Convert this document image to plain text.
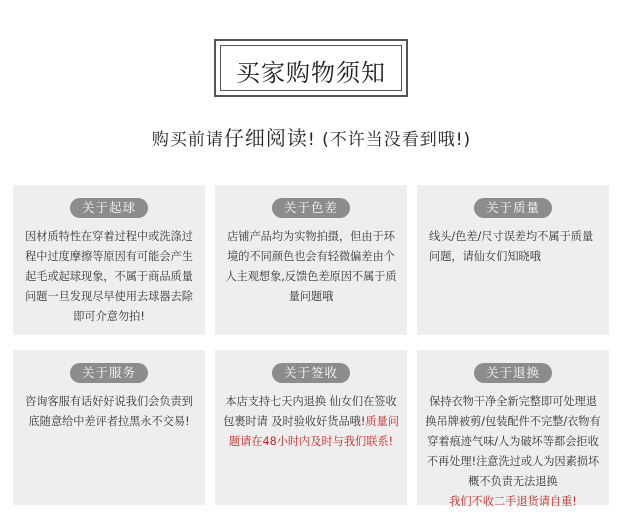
买家购物须知
购买前请仔细阅读! (不许当没看到哦!)
关于起球
因材质特性在穿着过程中或洗涤过程中过度摩擦等原因有可能会产生起毛或起球现象，不属于商品质量问题一旦发现尽早使用去球器去除即可介意勿拍!
关于色差
店铺产品均为实物拍摄，但由于环境的不同颜色也会有轻微偏差由个人主观想象,反馈色差原因不属于质量问题哦
关于质量
线头/色差/尺寸误差均不属于质量问题，请仙女们知晓哦
关于服务
咨询客服有话好好说我们会负责到底随意给中差评者拉黑永不交易!
关于签收
本店支持七天内退换 仙女们在签收包裹时请 及时验收好货品哦!质量问题请在48小时内及时与我们联系!
关于退换
保持衣物干净全新完整即可处理退换吊牌被剪/包装配件不完整/衣物有穿着痕迹气味/人为破坏等都会拒收不再处理!注意洗过或人为因素损坏概不负责无法退换
我们不收二手退货请自重!
